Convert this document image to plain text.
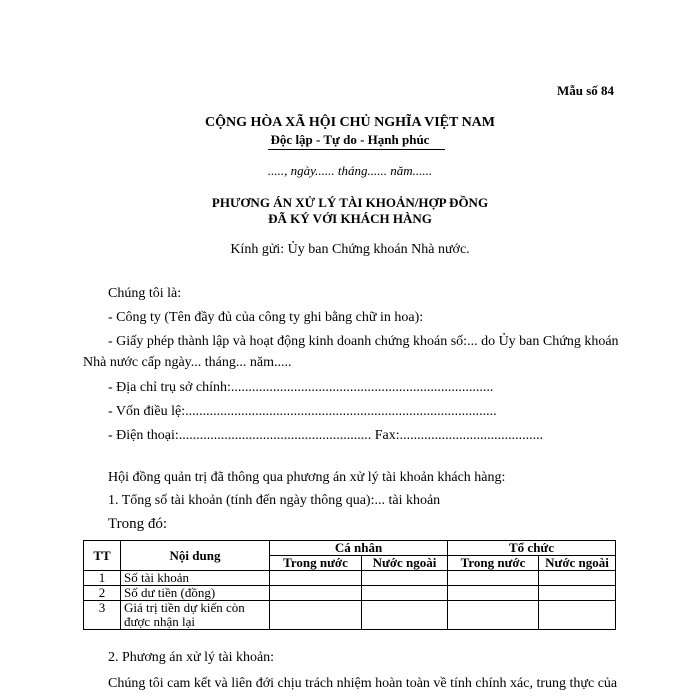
Mẫu số 84
CỘNG HÒA XÃ HỘI CHỦ NGHĨA VIỆT NAM
Độc lập - Tự do - Hạnh phúc
....., ngày...... tháng...... năm......
PHƯƠNG ÁN XỬ LÝ TÀI KHOẢN/HỢP ĐỒNG
ĐÃ KÝ VỚI KHÁCH HÀNG
Kính gửi: Ủy ban Chứng khoán Nhà nước.
Chúng tôi là:
- Công ty (Tên đầy đủ của công ty ghi bằng chữ in hoa):
- Giấy phép thành lập và hoạt động kinh doanh chứng khoán số:... do Ủy ban Chứng khoán
Nhà nước cấp ngày... tháng... năm.....
- Địa chỉ trụ sở chính:...........................................................................
- Vốn điều lệ:.........................................................................................
- Điện thoại:....................................................... Fax:.........................................
Hội đồng quản trị đã thông qua phương án xử lý tài khoản khách hàng:
1. Tổng số tài khoản (tính đến ngày thông qua):... tài khoản
Trong đó:
TT	Nội dung	Cá nhân		Tổ chức	
		Trong nước	Nước ngoài	Trong nước	Nước ngoài
1	Số tài khoản				
2	Số dư tiền (đồng)				
3	Giá trị tiền dự kiến còn
được nhận lại				
2. Phương án xử lý tài khoản:
Chúng tôi cam kết và liên đới chịu trách nhiệm hoàn toàn về tính chính xác, trung thực của
